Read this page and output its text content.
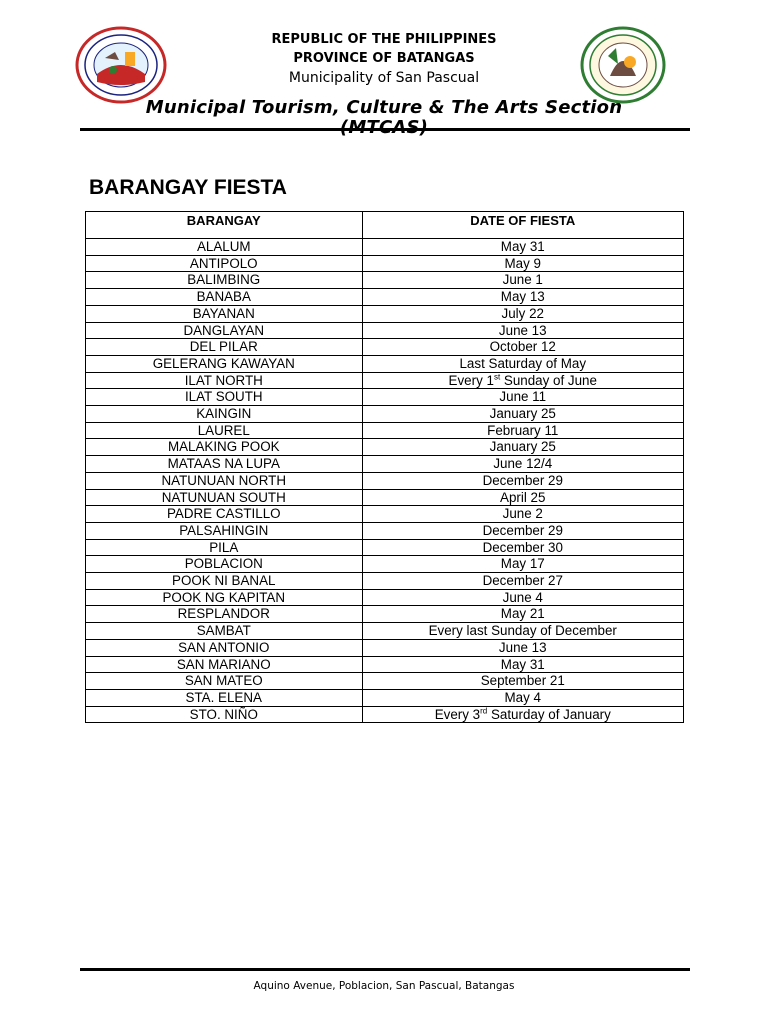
REPUBLIC OF THE PHILIPPINES
PROVINCE OF BATANGAS
Municipality of San Pascual
Municipal Tourism, Culture & The Arts Section
BARANGAY FIESTA
BARANGAY	DATE OF FIESTA
ALALUM	May 31
ANTIPOLO	May 9
BALIMBING	June 1
BANABA	May 13
BAYANAN	July 22
DANGLAYAN	June 13
DEL PILAR	October 12
GELERANG KAWAYAN	Last Saturday of May
ILAT NORTH	Every 1st Sunday of June
ILAT SOUTH	June 11
KAINGIN	January 25
LAUREL	February 11
MALAKING POOK	January 25
MATAAS NA LUPA	June 12/4
NATUNUAN NORTH	December 29
NATUNUAN SOUTH	April 25
PADRE CASTILLO	June 2
PALSAHINGIN	December 29
PILA	December 30
POBLACION	May 17
POOK NI BANAL	December 27
POOK NG KAPITAN	June 4
RESPLANDOR	May 21
SAMBAT	Every last Sunday of December
SAN ANTONIO	June 13
SAN MARIANO	May 31
SAN MATEO	September 21
STA. ELENA	May 4
STO. NIÑO	Every 3rd Saturday of January
Aquino Avenue, Poblacion, San Pascual, Batangas
